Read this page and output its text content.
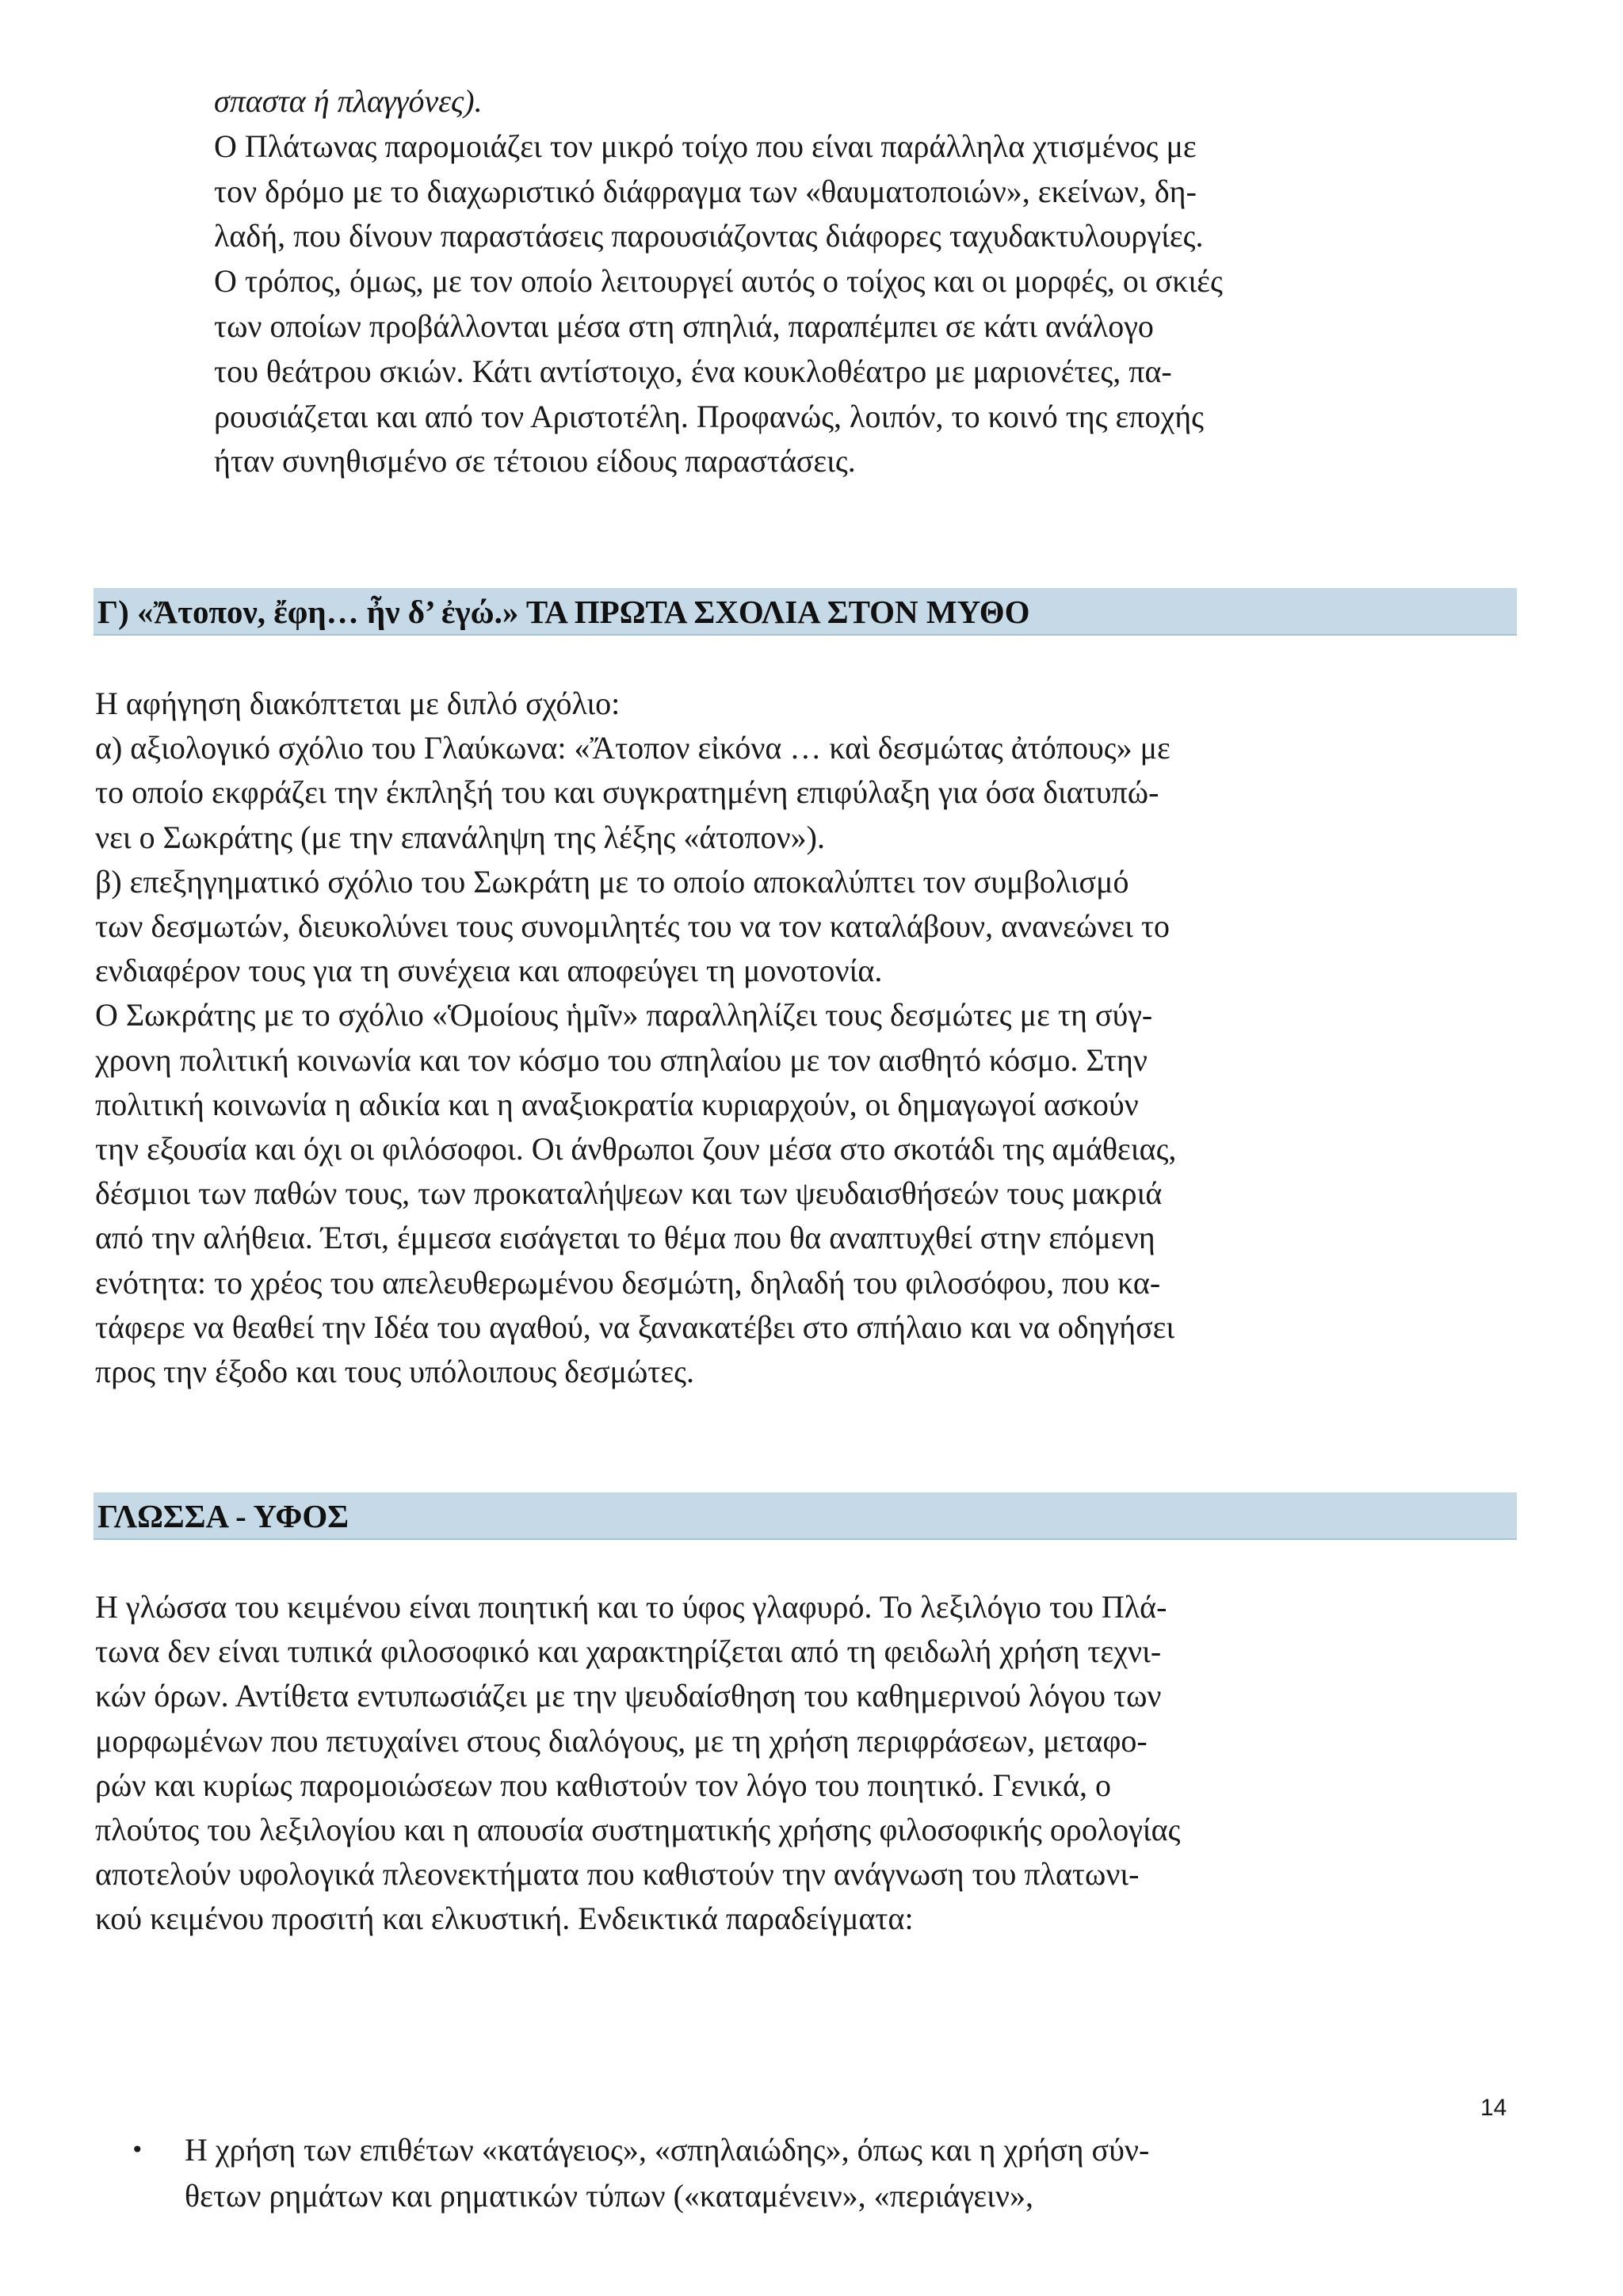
σπαστα ή πλαγγόνες).
Ο Πλάτωνας παρομοιάζει τον μικρό τοίχο που είναι παράλληλα χτισμένος με
τον δρόμο με το διαχωριστικό διάφραγμα των «θαυματοποιών», εκείνων, δη-
λαδή, που δίνουν παραστάσεις παρουσιάζοντας διάφορες ταχυδακτυλουργίες.
Ο τρόπος, όμως, με τον οποίο λειτουργεί αυτός ο τοίχος και οι μορφές, οι σκιές
των οποίων προβάλλονται μέσα στη σπηλιά, παραπέμπει σε κάτι ανάλογο
του θεάτρου σκιών. Κάτι αντίστοιχο, ένα κουκλοθέατρο με μαριονέτες, πα-
ρουσιάζεται και από τον Αριστοτέλη. Προφανώς, λοιπόν, το κοινό της εποχής
ήταν συνηθισμένο σε τέτοιου είδους παραστάσεις.
Γ) «Ἄτοπον, ἔφη… ἦν δ’ ἐγώ.» ΤΑ ΠΡΩΤΑ ΣΧΟΛΙΑ ΣΤΟΝ ΜΥΘΟ
Η αφήγηση διακόπτεται με διπλό σχόλιο:
α) αξιολογικό σχόλιο του Γλαύκωνα: «Ἄτοπον εἰκόνα … καὶ δεσμώτας ἀτόπους» με
το οποίο εκφράζει την έκπληξή του και συγκρατημένη επιφύλαξη για όσα διατυπώ-
νει ο Σωκράτης (με την επανάληψη της λέξης «άτοπον»).
β) επεξηγηματικό σχόλιο του Σωκράτη με το οποίο αποκαλύπτει τον συμβολισμό
των δεσμωτών, διευκολύνει τους συνομιλητές του να τον καταλάβουν, ανανεώνει το
ενδιαφέρον τους για τη συνέχεια και αποφεύγει τη μονοτονία.
Ο Σωκράτης με το σχόλιο «Ὁμοίους ἡμῖν» παραλληλίζει τους δεσμώτες με τη σύγ-
χρονη πολιτική κοινωνία και τον κόσμο του σπηλαίου με τον αισθητό κόσμο. Στην
πολιτική κοινωνία η αδικία και η αναξιοκρατία κυριαρχούν, οι δημαγωγοί ασκούν
την εξουσία και όχι οι φιλόσοφοι. Οι άνθρωποι ζουν μέσα στο σκοτάδι της αμάθειας,
δέσμιοι των παθών τους, των προκαταλήψεων και των ψευδαισθήσεών τους μακριά
από την αλήθεια. Έτσι, έμμεσα εισάγεται το θέμα που θα αναπτυχθεί στην επόμενη
ενότητα: το χρέος του απελευθερωμένου δεσμώτη, δηλαδή του φιλοσόφου, που κα-
τάφερε να θεαθεί την Ιδέα του αγαθού, να ξανακατέβει στο σπήλαιο και να οδηγήσει
προς την έξοδο και τους υπόλοιπους δεσμώτες.
ΓΛΩΣΣΑ - ΥΦΟΣ
Η γλώσσα του κειμένου είναι ποιητική και το ύφος γλαφυρό. Το λεξιλόγιο του Πλά-
τωνα δεν είναι τυπικά φιλοσοφικό και χαρακτηρίζεται από τη φειδωλή χρήση τεχνι-
κών όρων. Αντίθετα εντυπωσιάζει με την ψευδαίσθηση του καθημερινού λόγου των
μορφωμένων που πετυχαίνει στους διαλόγους, με τη χρήση περιφράσεων, μεταφο-
ρών και κυρίως παρομοιώσεων που καθιστούν τον λόγο του ποιητικό. Γενικά, ο
πλούτος του λεξιλογίου και η απουσία συστηματικής χρήσης φιλοσοφικής ορολογίας
αποτελούν υφολογικά πλεονεκτήματα που καθιστούν την ανάγνωση του πλατωνι-
κού κειμένου προσιτή και ελκυστική. Ενδεικτικά παραδείγματα:
• Η χρήση των επιθέτων «κατάγειος», «σπηλαιώδης», όπως και η χρήση σύν-
θετων ρημάτων και ρηματικών τύπων («καταμένειν», «περιάγειν»,
14
